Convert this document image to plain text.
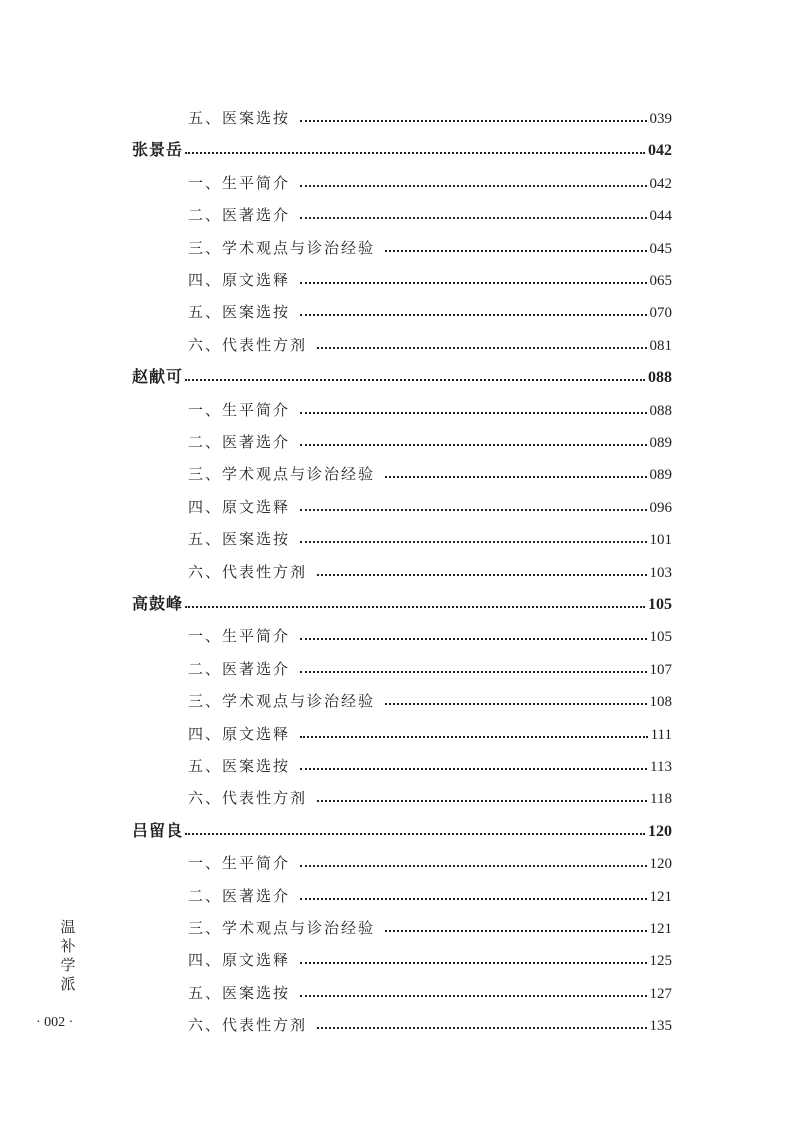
五、医案选按	039
张景岳	042
一、生平简介	042
二、医著选介	044
三、学术观点与诊治经验	045
四、原文选释	065
五、医案选按	070
六、代表性方剂	081
赵献可	088
一、生平简介	088
二、医著选介	089
三、学术观点与诊治经验	089
四、原文选释	096
五、医案选按	101
六、代表性方剂	103
高鼓峰	105
一、生平简介	105
二、医著选介	107
三、学术观点与诊治经验	108
四、原文选释	111
五、医案选按	113
六、代表性方剂	118
吕留良	120
一、生平简介	120
二、医著选介	121
三、学术观点与诊治经验	121
四、原文选释	125
五、医案选按	127
六、代表性方剂	135
温
补
学
派
· 002 ·
